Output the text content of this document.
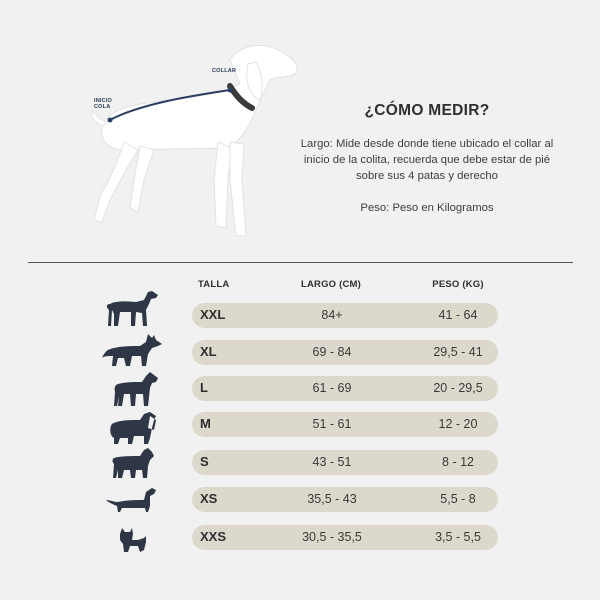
COLLAR
INICIO
COLA	¿CÓMO MEDIR?

Largo: Mide desde donde tiene ubicado el collar al inicio de la colita, recuerda que debe estar de pié sobre sus 4 patas y derecho

Peso: Peso en Kilogramos

TALLA	LARGO (CM)	PESO (KG)
XXL	84+	41 - 64
XL	69 - 84	29,5 - 41
L	61 - 69	20 - 29,5
M	51 - 61	12 - 20
S	43 - 51	8 - 12
XS	35,5 - 43	5,5 - 8
XXS	30,5 - 35,5	3,5 - 5,5
